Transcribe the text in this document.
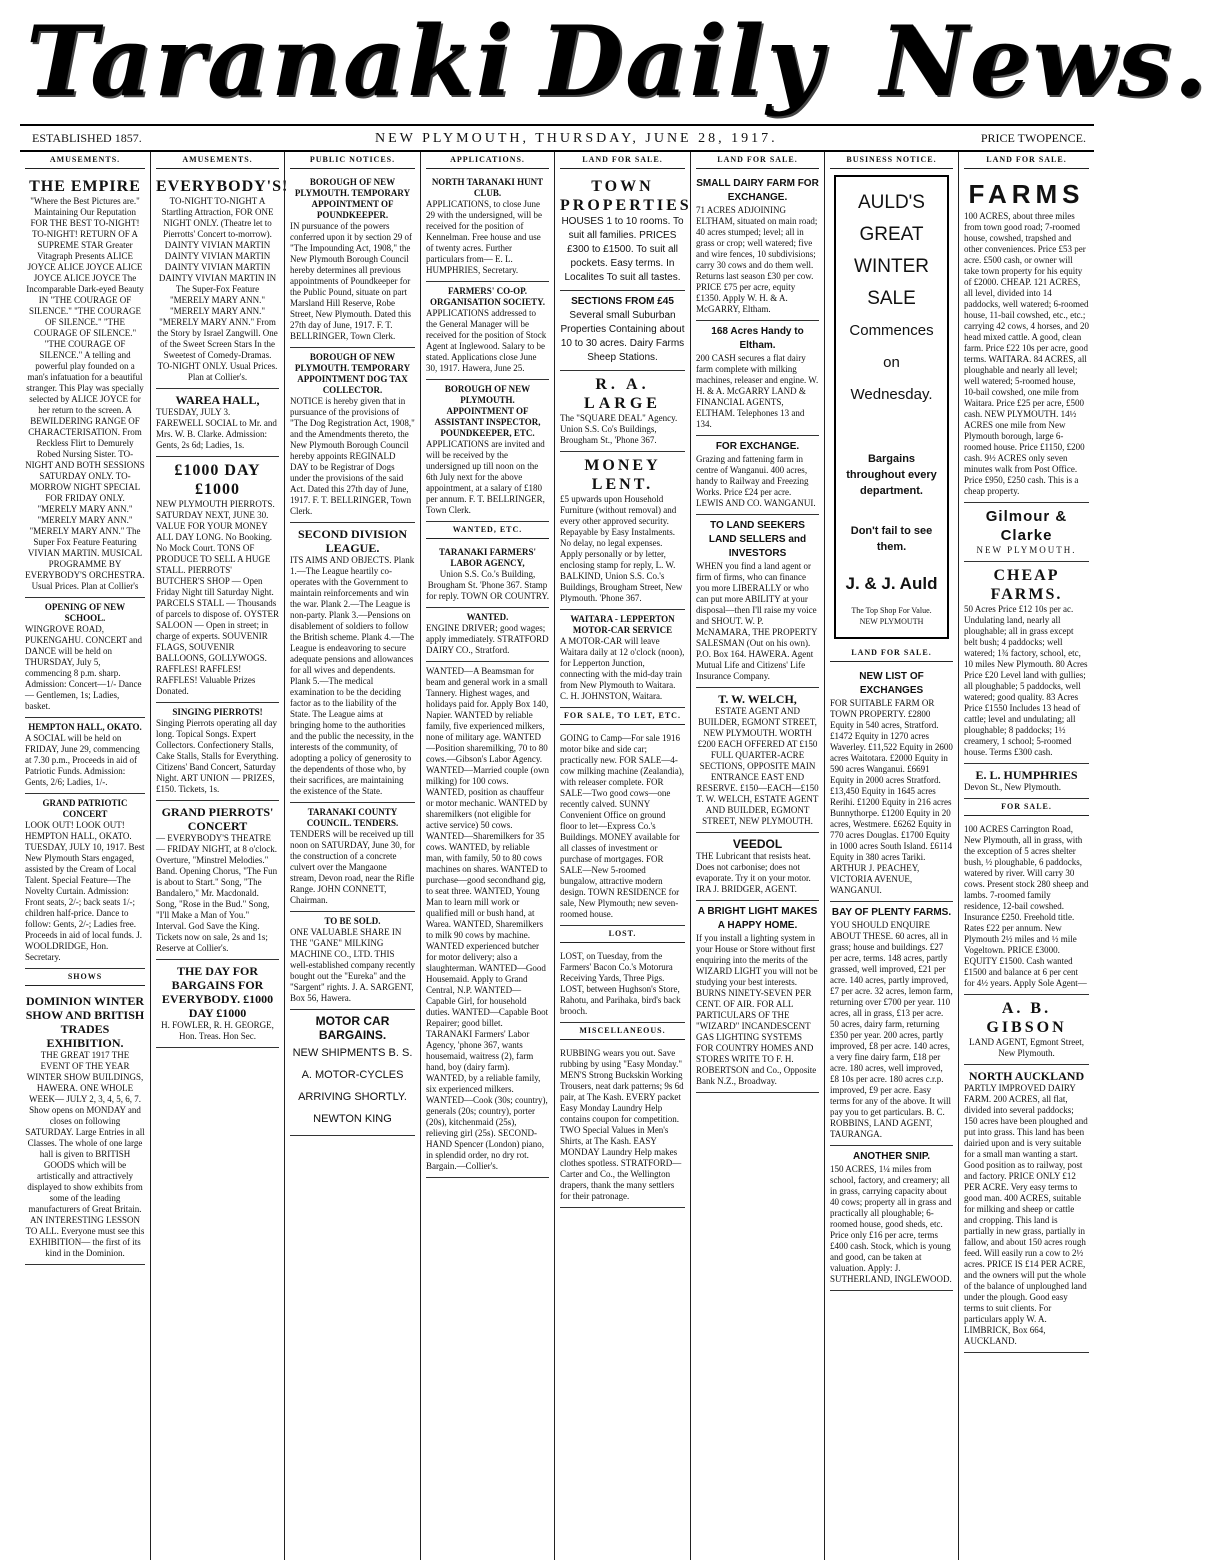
Taranaki Daily News.
ESTABLISHED 1857.	NEW PLYMOUTH, THURSDAY, JUNE 28, 1917.	PRICE TWOPENCE.
AMUSEMENTS.

THE EMPIRE

"Where the Best Pictures are." Maintaining Our Reputation FOR THE BEST TO-NIGHT! TO-NIGHT! RETURN OF A SUPREME STAR Greater Vitagraph Presents ALICE JOYCE ALICE JOYCE ALICE JOYCE ALICE JOYCE The Incomparable Dark-eyed Beauty IN "THE COURAGE OF SILENCE." "THE COURAGE OF SILENCE." "THE COURAGE OF SILENCE." "THE COURAGE OF SILENCE." A telling and powerful play founded on a man's infatuation for a beautiful stranger. This Play was specially selected by ALICE JOYCE for her return to the screen. A BEWILDERING RANGE OF CHARACTERISATION. From Reckless Flirt to Demurely Robed Nursing Sister. TO-NIGHT AND BOTH SESSIONS SATURDAY ONLY. TO-MORROW NIGHT SPECIAL FOR FRIDAY ONLY. "MERELY MARY ANN." "MERELY MARY ANN." "MERELY MARY ANN." The Super Fox Feature Featuring VIVIAN MARTIN. MUSICAL PROGRAMME BY EVERYBODY'S ORCHESTRA. Usual Prices. Plan at Collier's

OPENING OF NEW SCHOOL.

WINGROVE ROAD, PUKENGAHU. CONCERT and DANCE will be held on THURSDAY, July 5, commencing 8 p.m. sharp. Admission: Concert—1/- Dance— Gentlemen, 1s; Ladies, basket.

HEMPTON HALL, OKATO.

A SOCIAL will be held on FRIDAY, June 29, commencing at 7.30 p.m., Proceeds in aid of Patriotic Funds. Admission: Gents, 2/6; Ladies, 1/-.

GRAND PATRIOTIC CONCERT

LOOK OUT! LOOK OUT! HEMPTON HALL, OKATO. TUESDAY, JULY 10, 1917. Best New Plymouth Stars engaged, assisted by the Cream of Local Talent. Special Feature—The Novelty Curtain. Admission: Front seats, 2/-; back seats 1/-; children half-price. Dance to follow: Gents, 2/-; Ladies free. Proceeds in aid of local funds. J. WOOLDRIDGE, Hon. Secretary.

SHOWS

DOMINION WINTER SHOW AND BRITISH TRADES EXHIBITION.

THE GREAT 1917 THE EVENT OF THE YEAR WINTER SHOW BUILDINGS, HAWERA. ONE WHOLE WEEK— JULY 2, 3, 4, 5, 6, 7. Show opens on MONDAY and closes on following SATURDAY. Large Entries in all Classes. The whole of one large hall is given to BRITISH GOODS which will be artistically and attractively displayed to show exhibits from some of the leading manufacturers of Great Britain. AN INTERESTING LESSON TO ALL. Everyone must see this EXHIBITION— the first of its kind in the Dominion.

AMUSEMENTS.

EVERYBODY'S!

TO-NIGHT TO-NIGHT A Startling Attraction, FOR ONE NIGHT ONLY. (Theatre let to Pierrotts' Concert to-morrow). DAINTY VIVIAN MARTIN DAINTY VIVIAN MARTIN DAINTY VIVIAN MARTIN DAINTY VIVIAN MARTIN IN The Super-Fox Feature "MERELY MARY ANN." "MERELY MARY ANN." "MERELY MARY ANN." From the Story by Israel Zangwill. One of the Sweet Screen Stars In the Sweetest of Comedy-Dramas. TO-NIGHT ONLY. Usual Prices. Plan at Collier's.

WAREA HALL,

TUESDAY, JULY 3. FAREWELL SOCIAL to Mr. and Mrs. W. B. Clarke. Admission: Gents, 2s 6d; Ladies, 1s.

£1000 DAY £1000

NEW PLYMOUTH PIERROTS. SATURDAY NEXT, JUNE 30. VALUE FOR YOUR MONEY ALL DAY LONG. No Booking. No Mock Court. TONS OF PRODUCE TO SELL A HUGE STALL. PIERROTS' BUTCHER'S SHOP — Open Friday Night till Saturday Night. PARCELS STALL — Thousands of parcels to dispose of. OYSTER SALOON — Open in street; in charge of experts. SOUVENIR FLAGS, SOUVENIR BALLOONS, GOLLYWOGS. RAFFLES! RAFFLES! RAFFLES! Valuable Prizes Donated.

SINGING PIERROTS!

Singing Pierrots operating all day long. Topical Songs. Expert Collectors. Confectionery Stalls, Cake Stalls, Stalls for Everything. Citizens' Band Concert, Saturday Night. ART UNION — PRIZES, £150. Tickets, 1s.

GRAND PIERROTS' CONCERT

— EVERYBODY'S THEATRE — FRIDAY NIGHT, at 8 o'clock. Overture, "Minstrel Melodies." Band. Opening Chorus, "The Fun is about to Start." Song, "The Bandalero," Mr. Macdonald. Song, "Rose in the Bud." Song, "I'll Make a Man of You." Interval. God Save the King. Tickets now on sale, 2s and 1s; Reserve at Collier's.

THE DAY FOR BARGAINS FOR EVERYBODY. £1000 DAY £1000

H. FOWLER, R. H. GEORGE, Hon. Treas. Hon Sec.

PUBLIC NOTICES.

BOROUGH OF NEW PLYMOUTH. TEMPORARY APPOINTMENT OF POUNDKEEPER.

IN pursuance of the powers conferred upon it by section 29 of "The Impounding Act, 1908," the New Plymouth Borough Council hereby determines all previous appointments of Poundkeeper for the Public Pound, situate on part Marsland Hill Reserve, Robe Street, New Plymouth. Dated this 27th day of June, 1917. F. T. BELLRINGER, Town Clerk.

BOROUGH OF NEW PLYMOUTH. TEMPORARY APPOINTMENT DOG TAX COLLECTOR.

NOTICE is hereby given that in pursuance of the provisions of "The Dog Registration Act, 1908," and the Amendments thereto, the New Plymouth Borough Council hereby appoints REGINALD DAY to be Registrar of Dogs under the provisions of the said Act. Dated this 27th day of June, 1917. F. T. BELLRINGER, Town Clerk.

SECOND DIVISION LEAGUE.

ITS AIMS AND OBJECTS. Plank 1.—The League heartily co-operates with the Government to maintain reinforcements and win the war. Plank 2.—The League is non-party. Plank 3.—Pensions on disablement of soldiers to follow the British scheme. Plank 4.—The League is endeavoring to secure adequate pensions and allowances for all wives and dependents. Plank 5.—The medical examination to be the deciding factor as to the liability of the State. The League aims at bringing home to the authorities and the public the necessity, in the interests of the community, of adopting a policy of generosity to the dependents of those who, by their sacrifices, are maintaining the existence of the State.

TARANAKI COUNTY COUNCIL. TENDERS.

TENDERS will be received up till noon on SATURDAY, June 30, for the construction of a concrete culvert over the Mangaone stream, Devon road, near the Rifle Range. JOHN CONNETT, Chairman.

TO BE SOLD.

ONE VALUABLE SHARE IN THE "GANE" MILKING MACHINE CO., LTD. THIS well-established company recently bought out the "Eureka" and the "Sargent" rights. J. A. SARGENT, Box 56, Hawera.

MOTOR CAR BARGAINS.

NEW SHIPMENTS B. S. A. MOTOR-CYCLES ARRIVING SHORTLY. NEWTON KING

APPLICATIONS.

NORTH TARANAKI HUNT CLUB.

APPLICATIONS, to close June 29 with the undersigned, will be received for the position of Kennelman. Free house and use of twenty acres. Further particulars from— E. L. HUMPHRIES, Secretary.

FARMERS' CO-OP. ORGANISATION SOCIETY.

APPLICATIONS addressed to the General Manager will be received for the position of Stock Agent at Inglewood. Salary to be stated. Applications close June 30, 1917. Hawera, June 25.

BOROUGH OF NEW PLYMOUTH. APPOINTMENT OF ASSISTANT INSPECTOR, POUNDKEEPER, ETC.

APPLICATIONS are invited and will be received by the undersigned up till noon on the 6th July next for the above appointment, at a salary of £180 per annum. F. T. BELLRINGER, Town Clerk.

WANTED, ETC.

TARANAKI FARMERS' LABOR AGENCY,

Union S.S. Co.'s Building, Brougham St. 'Phone 367. Stamp for reply. TOWN OR COUNTRY.

WANTED.

ENGINE DRIVER; good wages; apply immediately. STRATFORD DAIRY CO., Stratford.

WANTED—A Beamsman for beam and general work in a small Tannery. Highest wages, and holidays paid for. Apply Box 140, Napier. WANTED by reliable family, five experienced milkers, none of military age. WANTED—Position sharemilking, 70 to 80 cows.—Gibson's Labor Agency. WANTED—Married couple (own milking) for 100 cows. WANTED, position as chauffeur or motor mechanic. WANTED by sharemilkers (not eligible for active service) 50 cows. WANTED—Sharemilkers for 35 cows. WANTED, by reliable man, with family, 50 to 80 cows machines on shares. WANTED to purchase—good secondhand gig, to seat three. WANTED, Young Man to learn mill work or qualified mill or bush hand, at Warea. WANTED, Sharemilkers to milk 90 cows by machine. WANTED experienced butcher for motor delivery; also a slaughterman. WANTED—Good Housemaid. Apply to Grand Central, N.P. WANTED—Capable Girl, for household duties. WANTED—Capable Boot Repairer; good billet. TARANAKI Farmers' Labor Agency, 'phone 367, wants housemaid, waitress (2), farm hand, boy (dairy farm). WANTED, by a reliable family, six experienced milkers. WANTED—Cook (30s; country), generals (20s; country), porter (20s), kitchenmaid (25s), relieving girl (25s). SECOND-HAND Spencer (London) piano, in splendid order, no dry rot. Bargain.—Collier's.

LAND FOR SALE.

TOWN PROPERTIES

HOUSES 1 to 10 rooms. To suit all families. PRICES £300 to £1500. To suit all pockets. Easy terms. In Localites To suit all tastes.

SECTIONS FROM £45

Several small Suburban Properties Containing about 10 to 30 acres. Dairy Farms Sheep Stations.

R. A. LARGE

The "SQUARE DEAL" Agency. Union S.S. Co's Buildings, Brougham St., 'Phone 367.

MONEY LENT.

£5 upwards upon Household Furniture (without removal) and every other approved security. Repayable by Easy Instalments. No delay, no legal expenses. Apply personally or by letter, enclosing stamp for reply, L. W. BALKIND, Union S.S. Co.'s Buildings, Brougham Street, New Plymouth. 'Phone 367.

WAITARA - LEPPERTON MOTOR-CAR SERVICE

A MOTOR-CAR will leave Waitara daily at 12 o'clock (noon), for Lepperton Junction, connecting with the mid-day train from New Plymouth to Waitara. C. H. JOHNSTON, Waitara.

FOR SALE, TO LET, ETC.

GOING to Camp—For sale 1916 motor bike and side car; practically new. FOR SALE—4-cow milking machine (Zealandia), with releaser complete. FOR SALE—Two good cows—one recently calved. SUNNY Convenient Office on ground floor to let—Express Co.'s Buildings. MONEY available for all classes of investment or purchase of mortgages. FOR SALE—New 5-roomed bungalow, attractive modern design. TOWN RESIDENCE for sale, New Plymouth; new seven-roomed house.

LOST.

LOST, on Tuesday, from the Farmers' Bacon Co.'s Motorura Receiving Yards, Three Pigs. LOST, between Hughson's Store, Rahotu, and Parihaka, bird's back brooch.

MISCELLANEOUS.

RUBBING wears you out. Save rubbing by using "Easy Monday." MEN'S Strong Buckskin Working Trousers, neat dark patterns; 9s 6d pair, at The Kash. EVERY packet Easy Monday Laundry Help contains coupon for competition. TWO Special Values in Men's Shirts, at The Kash. EASY MONDAY Laundry Help makes clothes spotless. STRATFORD—Carter and Co., the Wellington drapers, thank the many settlers for their patronage.

LAND FOR SALE.

SMALL DAIRY FARM FOR EXCHANGE.

71 ACRES ADJOINING ELTHAM, situated on main road; 40 acres stumped; level; all in grass or crop; well watered; five and wire fences, 10 subdivisions; carry 30 cows and do them well. Returns last season £30 per cow. PRICE £75 per acre, equity £1350. Apply W. H. & A. McGARRY, Eltham.

168 Acres Handy to Eltham.

200 CASH secures a flat dairy farm complete with milking machines, releaser and engine. W. H. & A. McGARRY LAND & FINANCIAL AGENTS, ELTHAM. Telephones 13 and 134.

FOR EXCHANGE.

Grazing and fattening farm in centre of Wanganui. 400 acres, handy to Railway and Freezing Works. Price £24 per acre. LEWIS AND CO. WANGANUI.

TO LAND SEEKERS LAND SELLERS and INVESTORS

WHEN you find a land agent or firm of firms, who can finance you more LIBERALLY or who can put more ABILITY at your disposal—then I'll raise my voice and SHOUT. W. P. McNAMARA, THE PROPERTY SALESMAN (Out on his own). P.O. Box 164. HAWERA. Agent Mutual Life and Citizens' Life Insurance Company.

T. W. WELCH,

ESTATE AGENT AND BUILDER, EGMONT STREET, NEW PLYMOUTH. WORTH £200 EACH OFFERED AT £150 FULL QUARTER-ACRE SECTIONS, OPPOSITE MAIN ENTRANCE EAST END RESERVE. £150—EACH—£150 T. W. WELCH, ESTATE AGENT AND BUILDER, EGMONT STREET, NEW PLYMOUTH.

VEEDOL

THE Lubricant that resists heat. Does not carbonise; does not evaporate. Try it on your motor. IRA J. BRIDGER, AGENT.

A BRIGHT LIGHT MAKES A HAPPY HOME.

If you install a lighting system in your House or Store without first enquiring into the merits of the WIZARD LIGHT you will not be studying your best interests. BURNS NINETY-SEVEN PER CENT. OF AIR. FOR ALL PARTICULARS OF THE "WIZARD" INCANDESCENT GAS LIGHTING SYSTEMS FOR COUNTRY HOMES AND STORES WRITE TO F. H. ROBERTSON and Co., Opposite Bank N.Z., Broadway.

BUSINESS NOTICE.
AULD'S
GREAT
WINTER
SALE
Commences
on Wednesday.
Bargains throughout every department.
Don't fail to see them.
J. & J. Auld
The Top Shop For Value. NEW PLYMOUTH
LAND FOR SALE.

NEW LIST OF EXCHANGES

FOR SUITABLE FARM OR TOWN PROPERTY. £2800 Equity in 540 acres, Stratford. £1472 Equity in 1270 acres Waverley. £11,522 Equity in 2600 acres Waitotara. £2000 Equity in 590 acres Wanganui. £6691 Equity in 2000 acres Stratford. £13,450 Equity in 1645 acres Rerihi. £1200 Equity in 216 acres Bunnythorpe. £1200 Equity in 20 acres, Westmere. £6262 Equity in 770 acres Douglas. £1700 Equity in 1000 acres South Island. £6114 Equity in 380 acres Tariki. ARTHUR J. PEACHEY, VICTORIA AVENUE, WANGANUI.

BAY OF PLENTY FARMS.

YOU SHOULD ENQUIRE ABOUT THESE. 60 acres, all in grass; house and buildings. £27 per acre, terms. 148 acres, partly grassed, well improved, £21 per acre. 140 acres, partly improved, £7 per acre. 32 acres, lemon farm, returning over £700 per year. 110 acres, all in grass, £13 per acre. 50 acres, dairy farm, returning £350 per year. 200 acres, partly improved, £8 per acre. 140 acres, a very fine dairy farm, £18 per acre. 180 acres, well improved, £8 10s per acre. 180 acres c.r.p. improved, £9 per acre. Easy terms for any of the above. It will pay you to get particulars. B. C. ROBBINS, LAND AGENT, TAURANGA.

ANOTHER SNIP.

150 ACRES, 1¼ miles from school, factory, and creamery; all in grass, carrying capacity about 40 cows; property all in grass and practically all ploughable; 6-roomed house, good sheds, etc. Price only £16 per acre, terms £400 cash. Stock, which is young and good, can be taken at valuation. Apply: J. SUTHERLAND, INGLEWOOD.

LAND FOR SALE.

FARMS

100 ACRES, about three miles from town good road; 7-roomed house, cowshed, trapshed and other conveniences. Price £53 per acre. £500 cash, or owner will take town property for his equity of £2000. CHEAP. 121 ACRES, all level, divided into 14 paddocks, well watered; 6-roomed house, 11-bail cowshed, etc., etc.; carrying 42 cows, 4 horses, and 20 head mixed cattle. A good, clean farm. Price £22 10s per acre, good terms. WAITARA. 84 ACRES, all ploughable and nearly all level; well watered; 5-roomed house, 10-bail cowshed, one mile from Waitara. Price £25 per acre, £500 cash. NEW PLYMOUTH. 14½ ACRES one mile from New Plymouth borough, large 6-roomed house. Price £1150, £200 cash. 9½ ACRES only seven minutes walk from Post Office. Price £950, £250 cash. This is a cheap property.

Gilmour & Clarke

NEW PLYMOUTH.

CHEAP FARMS.

50 Acres Price £12 10s per ac. Undulating land, nearly all ploughable; all in grass except belt bush; 4 paddocks; well watered; 1¾ factory, school, etc, 10 miles New Plymouth. 80 Acres Price £20 Level land with gullies; all ploughable; 5 paddocks, well watered; good quality. 83 Acres Price £1550 Includes 13 head of cattle; level and undulating; all ploughable; 8 paddocks; 1½ creamery, 1 school; 5-roomed house. Terms £300 cash.

E. L. HUMPHRIES

Devon St., New Plymouth.

FOR SALE.

100 ACRES Carrington Road, New Plymouth, all in grass, with the exception of 5 acres shelter bush, ½ ploughable, 6 paddocks, watered by river. Will carry 30 cows. Present stock 280 sheep and lambs. 7-roomed family residence, 12-bail cowshed. Insurance £250. Freehold title. Rates £22 per annum. New Plymouth 2½ miles and ½ mile Vogeltown. PRICE £3000. EQUITY £1500. Cash wanted £1500 and balance at 6 per cent for 4½ years. Apply Sole Agent—

A. B. GIBSON

LAND AGENT, Egmont Street, New Plymouth.

NORTH AUCKLAND

PARTLY IMPROVED DAIRY FARM. 200 ACRES, all flat, divided into several paddocks; 150 acres have been ploughed and put into grass. This land has been dairied upon and is very suitable for a small man wanting a start. Good position as to railway, post and factory. PRICE ONLY £12 PER ACRE. Very easy terms to good man. 400 ACRES, suitable for milking and sheep or cattle and cropping. This land is partially in new grass, partially in fallow, and about 150 acres rough feed. Will easily run a cow to 2½ acres. PRICE IS £14 PER ACRE, and the owners will put the whole of the balance of unploughed land under the plough. Good easy terms to suit clients. For particulars apply W. A. LIMBRICK, Box 664, AUCKLAND.
